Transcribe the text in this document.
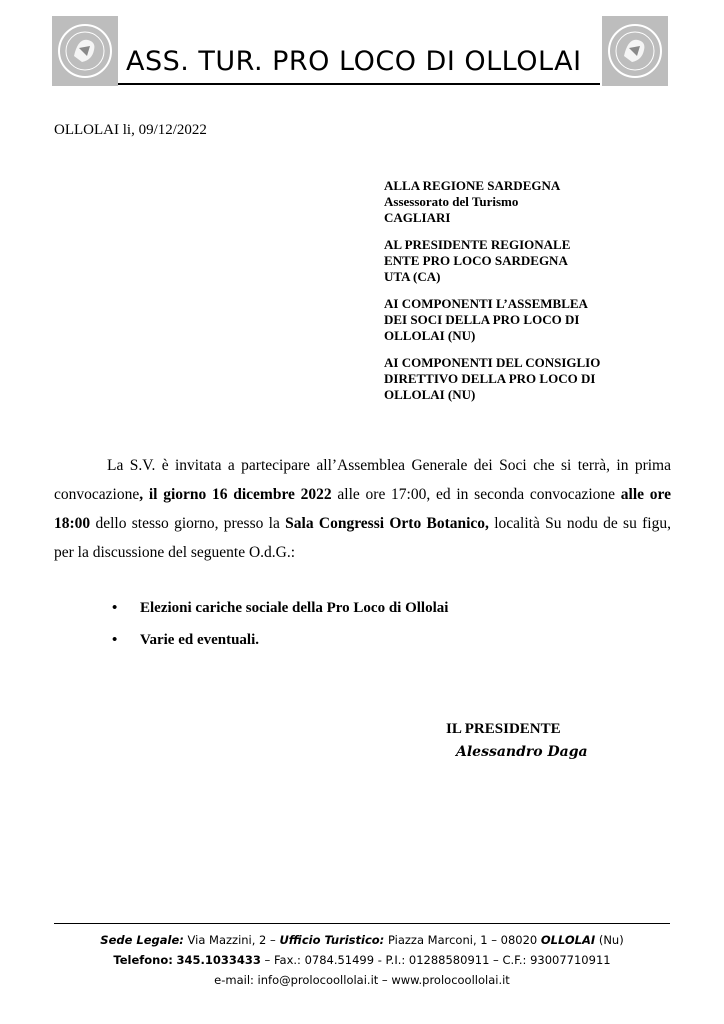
ASS. TUR. PRO LOCO DI OLLOLAI
OLLOLAI li, 09/12/2022
ALLA REGIONE SARDEGNA
Assessorato del Turismo
CAGLIARI
AL PRESIDENTE REGIONALE
ENTE PRO LOCO SARDEGNA
UTA (CA)
AI COMPONENTI L’ASSEMBLEA
DEI SOCI DELLA PRO LOCO DI
OLLOLAI (NU)
AI COMPONENTI DEL CONSIGLIO
DIRETTIVO DELLA PRO LOCO DI
OLLOLAI (NU)

La S.V. è invitata a partecipare all’Assemblea Generale dei Soci che si terrà, in prima convocazione, il giorno 16 dicembre 2022 alle ore 17:00, ed in seconda convocazione alle ore 18:00 dello stesso giorno, presso la Sala Congressi Orto Botanico, località Su nodu de su figu, per la discussione del seguente O.d.G.:

•	Elezioni cariche sociale della Pro Loco di Ollolai
•	Varie ed eventuali.
IL PRESIDENTE
Alessandro Daga
Sede Legale: Via Mazzini, 2 – Ufficio Turistico: Piazza Marconi, 1 – 08020 OLLOLAI (Nu)
Telefono: 345.1033433 – Fax.: 0784.51499 - P.I.: 01288580911 – C.F.: 93007710911
e-mail: info@prolocoollolai.it – www.prolocoollolai.it
